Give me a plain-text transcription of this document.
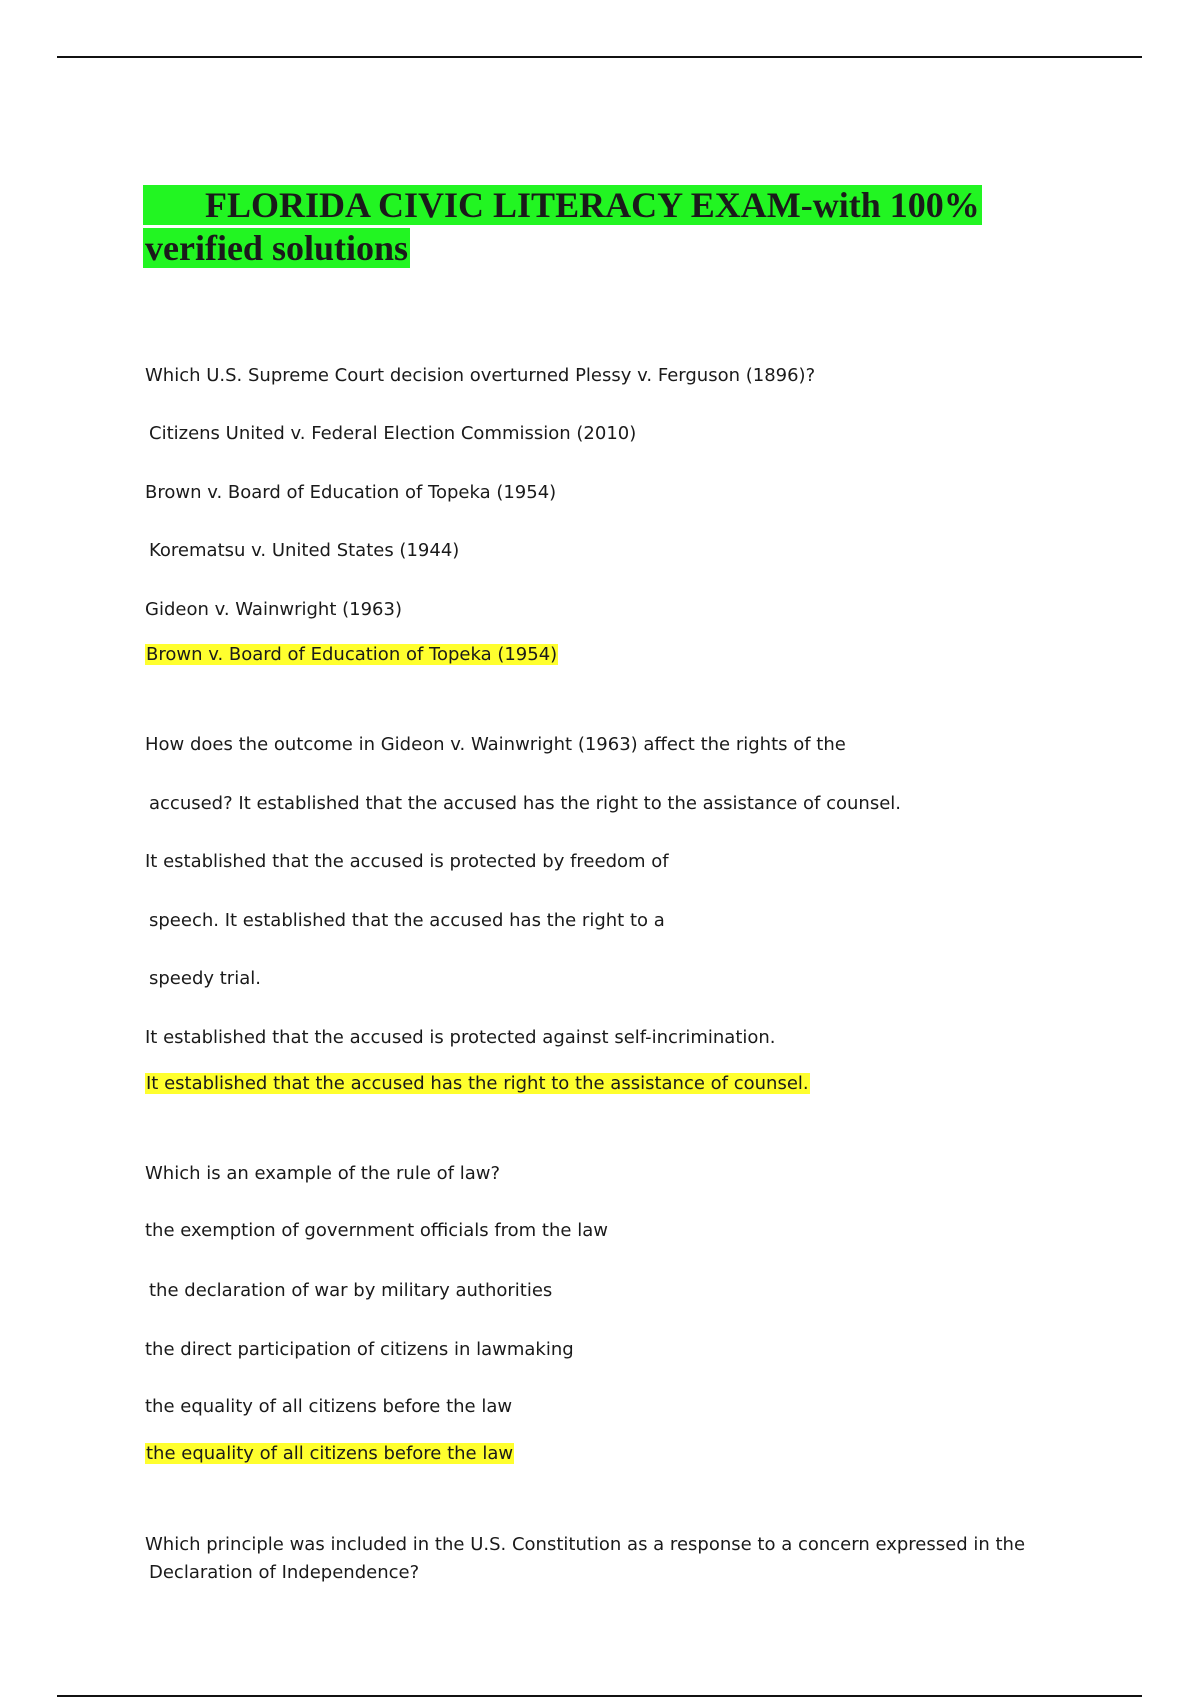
FLORIDA CIVIC LITERACY EXAM-with 100% verified solutions

Which U.S. Supreme Court decision overturned Plessy v. Ferguson (1896)?

Citizens United v. Federal Election Commission (2010)

Brown v. Board of Education of Topeka (1954)

Korematsu v. United States (1944)

Gideon v. Wainwright (1963)

Brown v. Board of Education of Topeka (1954)

How does the outcome in Gideon v. Wainwright (1963) affect the rights of the

accused? It established that the accused has the right to the assistance of counsel.

It established that the accused is protected by freedom of

speech. It established that the accused has the right to a

speedy trial.

It established that the accused is protected against self-incrimination.

It established that the accused has the right to the assistance of counsel.

Which is an example of the rule of law?

the exemption of government officials from the law

the declaration of war by military authorities

the direct participation of citizens in lawmaking

the equality of all citizens before the law

the equality of all citizens before the law

Which principle was included in the U.S. Constitution as a response to a concern expressed in the
Declaration of Independence?
